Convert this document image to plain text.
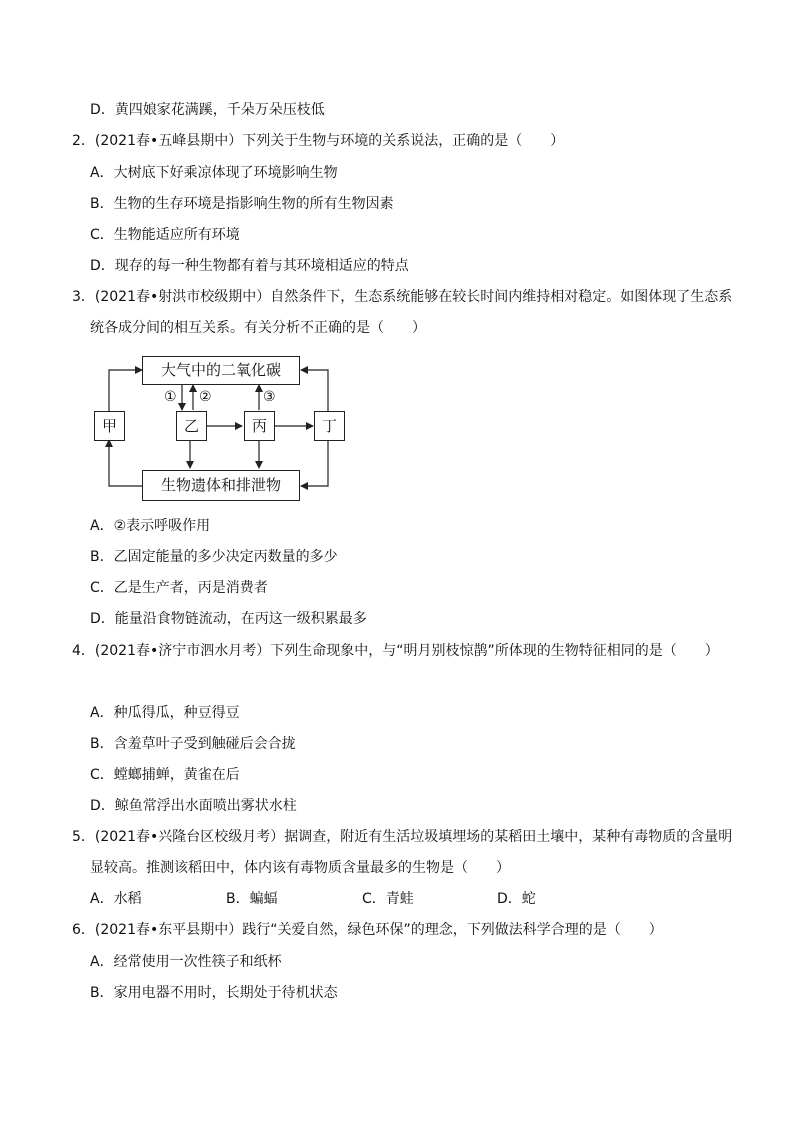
D．黄四娘家花满蹊，千朵万朵压枝低
2．(2021春•五峰县期中）下列关于生物与环境的关系说法，正确的是（　　）
A．大树底下好乘凉体现了环境影响生物
B．生物的生存环境是指影响生物的所有生物因素
C．生物能适应所有环境
D．现存的每一种生物都有着与其环境相适应的特点
3．(2021春•射洪市校级期中）自然条件下，生态系统能够在较长时间内维持相对稳定。如图体现了生态系
统各成分间的相互关系。有关分析不正确的是（　　）
大气中的二氧化碳
生物遗体和排泄物
甲	乙	丙	丁
① ②	③
A．②表示呼吸作用
B．乙固定能量的多少决定丙数量的多少
C．乙是生产者，丙是消费者
D．能量沿食物链流动，在丙这一级积累最多
4．(2021春•济宁市泗水月考）下列生命现象中，与“明月别枝惊鹊”所体现的生物特征相同的是（　　）
A．种瓜得瓜，种豆得豆
B．含羞草叶子受到触碰后会合拢
C．螳螂捕蝉，黄雀在后
D．鲸鱼常浮出水面喷出雾状水柱
5．(2021春•兴隆台区校级月考）据调查，附近有生活垃圾填埋场的某稻田土壤中，某种有毒物质的含量明
显较高。推测该稻田中，体内该有毒物质含量最多的生物是（　　）
A．水稻	B．蝙蝠	C．青蛙	D．蛇
6．(2021春•东平县期中）践行“关爱自然，绿色环保”的理念，下列做法科学合理的是（　　）
A．经常使用一次性筷子和纸杯
B．家用电器不用时，长期处于待机状态
